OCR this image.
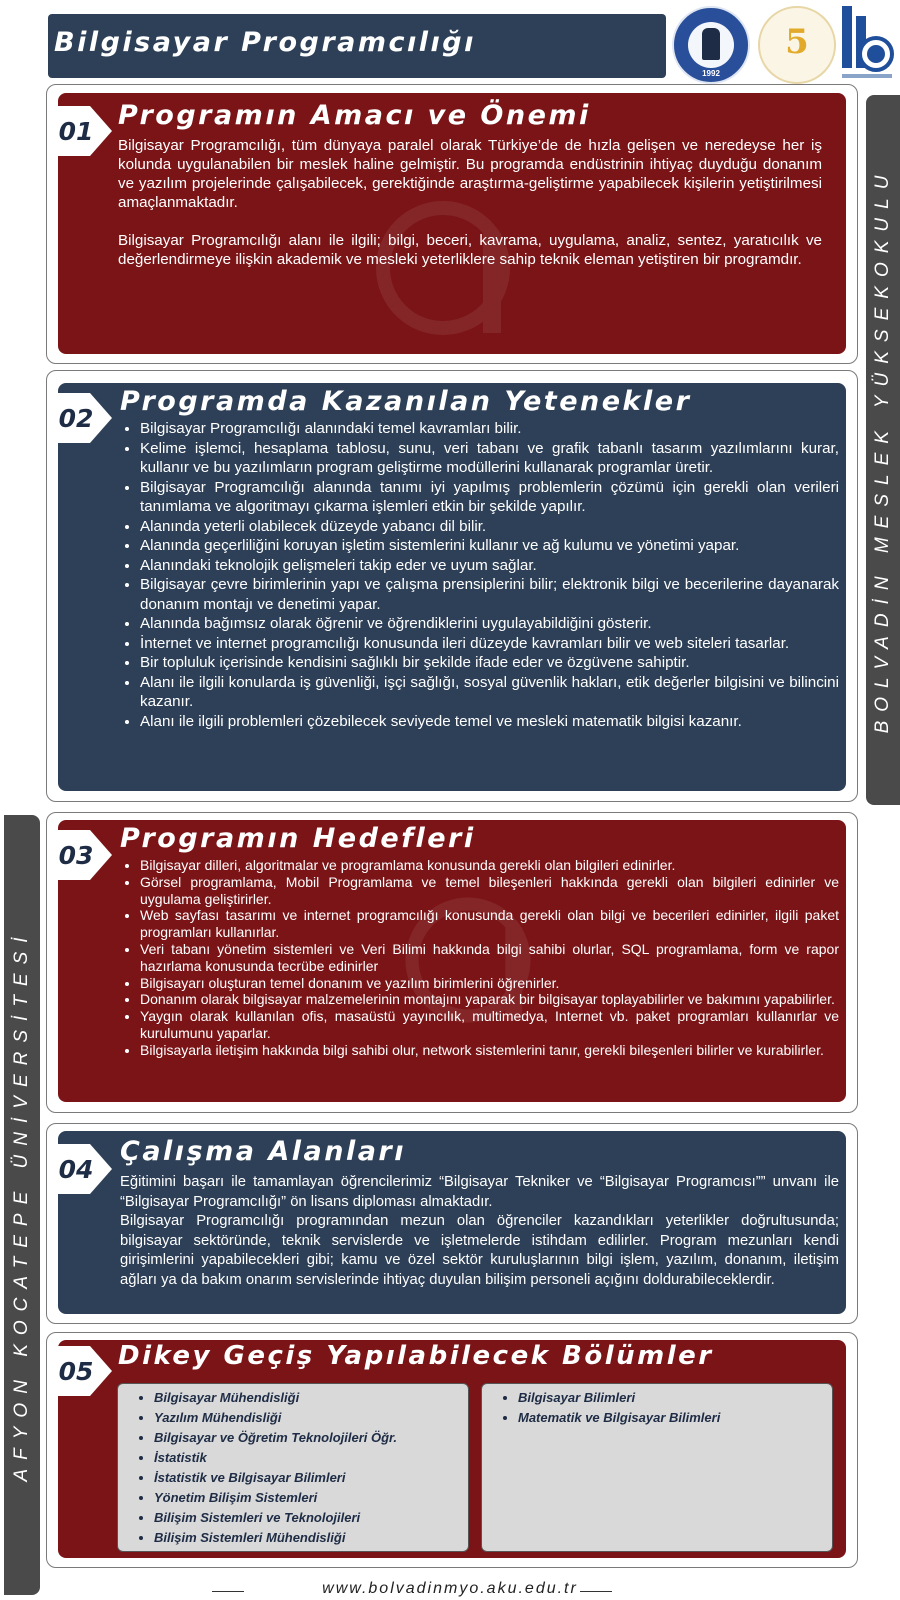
Bilgisayar Programcılığı
1992
5
BOLVADİN MESLEK YÜKSEKOKULU
AFYON KOCATEPE ÜNİVERSİTESİ
01
Programın Amacı ve Önemi

Bilgisayar Programcılığı, tüm dünyaya paralel olarak Türkiye’de de hızla gelişen ve neredeyse her iş kolunda uygulanabilen bir meslek haline gelmiştir. Bu programda endüstrinin ihtiyaç duyduğu donanım ve yazılım projelerinde çalışabilecek, gerektiğinde araştırma-geliştirme yapabilecek kişilerin yetiştirilmesi amaçlanmaktadır.

Bilgisayar Programcılığı alanı ile ilgili; bilgi, beceri, kavrama, uygulama, analiz, sentez, yaratıcılık ve değerlendirmeye ilişkin akademik ve mesleki yeterliklere sahip teknik eleman yetiştiren bir programdır.

02
Programda Kazanılan Yetenekler
• Bilgisayar Programcılığı alanındaki temel kavramları bilir.
• Kelime işlemci, hesaplama tablosu, sunu, veri tabanı ve grafik tabanlı tasarım yazılımlarını kurar, kullanır ve bu yazılımların program geliştirme modüllerini kullanarak programlar üretir.
• Bilgisayar Programcılığı alanında tanımı iyi yapılmış problemlerin çözümü için gerekli olan verileri tanımlama ve algoritmayı çıkarma işlemleri etkin bir şekilde yapılır.
• Alanında yeterli olabilecek düzeyde yabancı dil bilir.
• Alanında geçerliliğini koruyan işletim sistemlerini kullanır ve ağ kulumu ve yönetimi yapar.
• Alanındaki teknolojik gelişmeleri takip eder ve uyum sağlar.
• Bilgisayar çevre birimlerinin yapı ve çalışma prensiplerini bilir; elektronik bilgi ve becerilerine dayanarak donanım montajı ve denetimi yapar.
• Alanında bağımsız olarak öğrenir ve öğrendiklerini uygulayabildiğini gösterir.
• İnternet ve internet programcılığı konusunda ileri düzeyde kavramları bilir ve web siteleri tasarlar.
• Bir topluluk içerisinde kendisini sağlıklı bir şekilde ifade eder ve özgüvene sahiptir.
• Alanı ile ilgili konularda iş güvenliği, işçi sağlığı, sosyal güvenlik hakları, etik değerler bilgisini ve bilincini kazanır.
• Alanı ile ilgili problemleri çözebilecek seviyede temel ve mesleki matematik bilgisi kazanır.
03
Programın Hedefleri
• Bilgisayar dilleri, algoritmalar ve programlama konusunda gerekli olan bilgileri edinirler.
• Görsel programlama, Mobil Programlama ve temel bileşenleri hakkında gerekli olan bilgileri edinirler ve uygulama geliştirirler.
• Web sayfası tasarımı ve internet programcılığı konusunda gerekli olan bilgi ve becerileri edinirler, ilgili paket programları kullanırlar.
• Veri tabanı yönetim sistemleri ve Veri Bilimi hakkında bilgi sahibi olurlar, SQL programlama, form ve rapor hazırlama konusunda tecrübe edinirler
• Bilgisayarı oluşturan temel donanım ve yazılım birimlerini öğrenirler.
• Donanım olarak bilgisayar malzemelerinin montajını yaparak bir bilgisayar toplayabilirler ve bakımını yapabilirler.
• Yaygın olarak kullanılan ofis, masaüstü yayıncılık, multimedya, Internet vb. paket programları kullanırlar ve kurulumunu yaparlar.
• Bilgisayarla iletişim hakkında bilgi sahibi olur, network sistemlerini tanır, gerekli bileşenleri bilirler ve kurabilirler.
04
Çalışma Alanları

Eğitimini başarı ile tamamlayan öğrencilerimiz “Bilgisayar Tekniker ve “Bilgisayar Programcısı”” unvanı ile “Bilgisayar Programcılığı” ön lisans diploması almaktadır.

Bilgisayar Programcılığı programından mezun olan öğrenciler kazandıkları yeterlikler doğrultusunda; bilgisayar sektöründe, teknik servislerde ve işletmelerde istihdam edilirler. Program mezunları kendi girişimlerini yapabilecekleri gibi; kamu ve özel sektör kuruluşlarının bilgi işlem, yazılım, donanım, iletişim ağları ya da bakım onarım servislerinde ihtiyaç duyulan bilişim personeli açığını doldurabileceklerdir.

05
Dikey Geçiş Yapılabilecek Bölümler
• Bilgisayar Mühendisliği
• Yazılım Mühendisliği
• Bilgisayar ve Öğretim Teknolojileri Öğr.
• İstatistik
• İstatistik ve Bilgisayar Bilimleri
• Yönetim Bilişim Sistemleri
• Bilişim Sistemleri ve Teknolojileri
• Bilişim Sistemleri Mühendisliği
• Bilgisayar Bilimleri
• Matematik ve Bilgisayar Bilimleri
www.bolvadinmyo.aku.edu.tr
